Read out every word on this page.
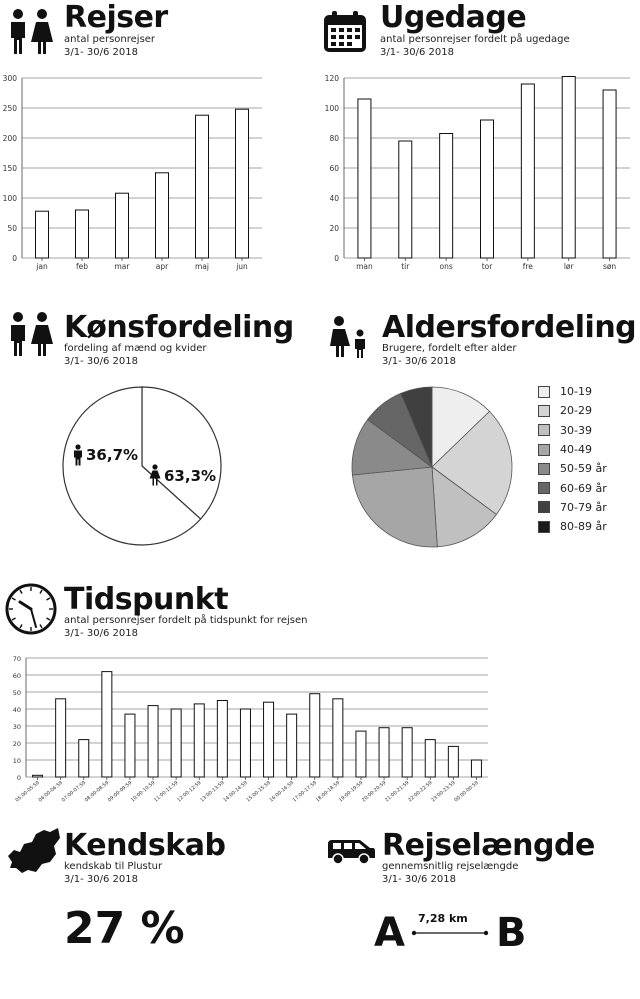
Rejser
antal personrejser
3/1- 30/6 2018
0
50
100
150
200
250
300
jan	feb	mar	apr	maj	jun
Ugedage
antal personrejser fordelt på ugedage
3/1- 30/6 2018
0
20
40
60
80
100
120
man	tir	ons	tor	fre	lør	søn
Kønsfordeling
fordeling af mænd og kvider
3/1- 30/6 2018
36,7%
63,3%
Aldersfordeling
Brugere, fordelt efter alder
3/1- 30/6 2018
10-19
20-29
30-39
40-49
50-59 år
60-69 år
70-79 år
80-89 år
Tidspunkt
antal personrejser fordelt på tidspunkt for rejsen
3/1- 30/6 2018
0
10
20
30
40
50
60
70
05:00-05:59
06:00-06:59
07:00-07:59
08:00-08:59
09:00-09:59
10:00-10:59
11:00-11:59
12:00-12:59
13:00-13:59
14:00-14:59
15:00-15:59
16:00-16:59
17:00-17:59
18:00-18:59
19:00-19:59
20:00-20:59
21:00-21:59
22:00-22:59
23:00-23:59
00:00-00:59
Kendskab
kendskab til Plustur
3/1- 30/6 2018
27 %
Rejselængde
gennemsnitlig rejselængde
3/1- 30/6 2018
A B
7,28 km
